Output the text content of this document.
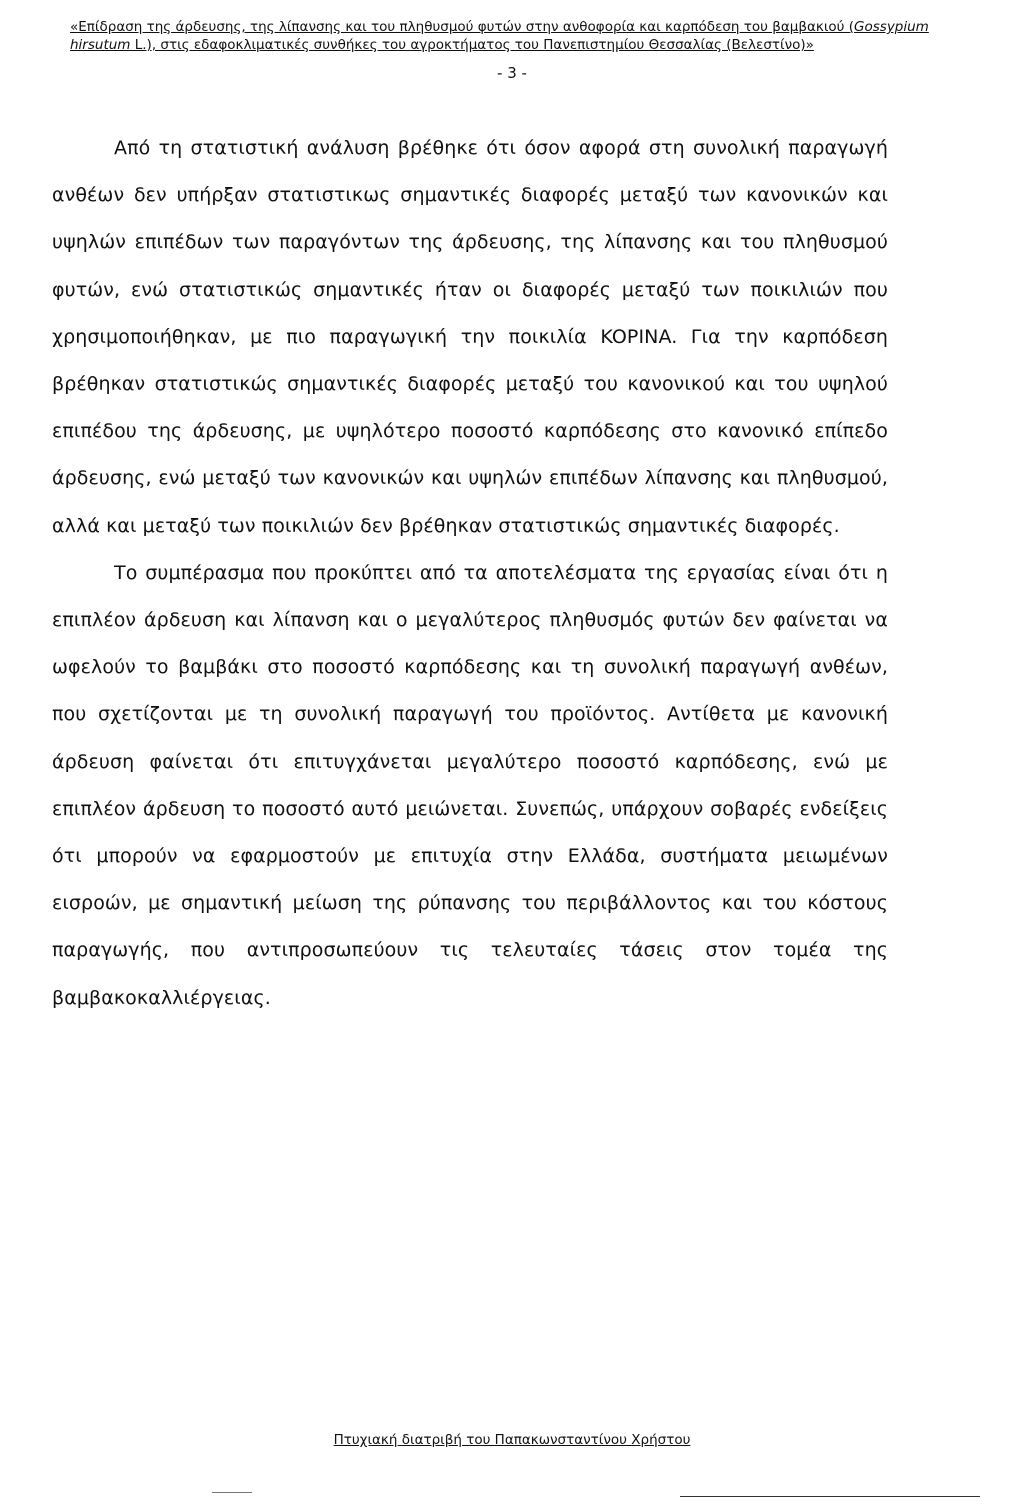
«Επίδραση της άρδευσης, της λίπανσης και του πληθυσμού φυτών στην ανθοφορία και καρπόδεση του βαμβακιού (Gossypium
hirsutum L.), στις εδαφοκλιματικές συνθήκες του αγροκτήματος του Πανεπιστημίου Θεσσαλίας (Βελεστίνο)»
- 3 -

Από τη στατιστική ανάλυση βρέθηκε ότι όσον αφορά στη συνολική παραγωγή ανθέων δεν υπήρξαν στατιστικως σημαντικές διαφορές μεταξύ των κανονικών και υψηλών επιπέδων των παραγόντων της άρδευσης, της λίπανσης και του πληθυσμού φυτών, ενώ στατιστικώς σημαντικές ήταν οι διαφορές μεταξύ των ποικιλιών που χρησιμοποιήθηκαν, με πιο παραγωγική την ποικιλία KOPINA. Για την καρπόδεση βρέθηκαν στατιστικώς σημαντικές διαφορές μεταξύ του κανονικού και του υψηλού επιπέδου της άρδευσης, με υψηλότερο ποσοστό καρπόδεσης στο κανονικό επίπεδο άρδευσης, ενώ μεταξύ των κανονικών και υψηλών επιπέδων λίπανσης και πληθυσμού, αλλά και μεταξύ των ποικιλιών δεν βρέθηκαν στατιστικώς σημαντικές διαφορές.

Το συμπέρασμα που προκύπτει από τα αποτελέσματα της εργασίας είναι ότι η επιπλέον άρδευση και λίπανση και ο μεγαλύτερος πληθυσμός φυτών δεν φαίνεται να ωφελούν το βαμβάκι στο ποσοστό καρπόδεσης και τη συνολική παραγωγή ανθέων, που σχετίζονται με τη συνολική παραγωγή του προϊόντος. Αντίθετα με κανονική άρδευση φαίνεται ότι επιτυγχάνεται μεγαλύτερο ποσοστό καρπόδεσης, ενώ με επιπλέον άρδευση το ποσοστό αυτό μειώνεται. Συνεπώς, υπάρχουν σοβαρές ενδείξεις ότι μπορούν να εφαρμοστούν με επιτυχία στην Ελλάδα, συστήματα μειωμένων εισροών, με σημαντική μείωση της ρύπανσης του περιβάλλοντος και του κόστους παραγωγής, που αντιπροσωπεύουν τις τελευταίες τάσεις στον τομέα της βαμβακοκαλλιέργειας.

Πτυχιακή διατριβή του Παπακωνσταντίνου Χρήστου
